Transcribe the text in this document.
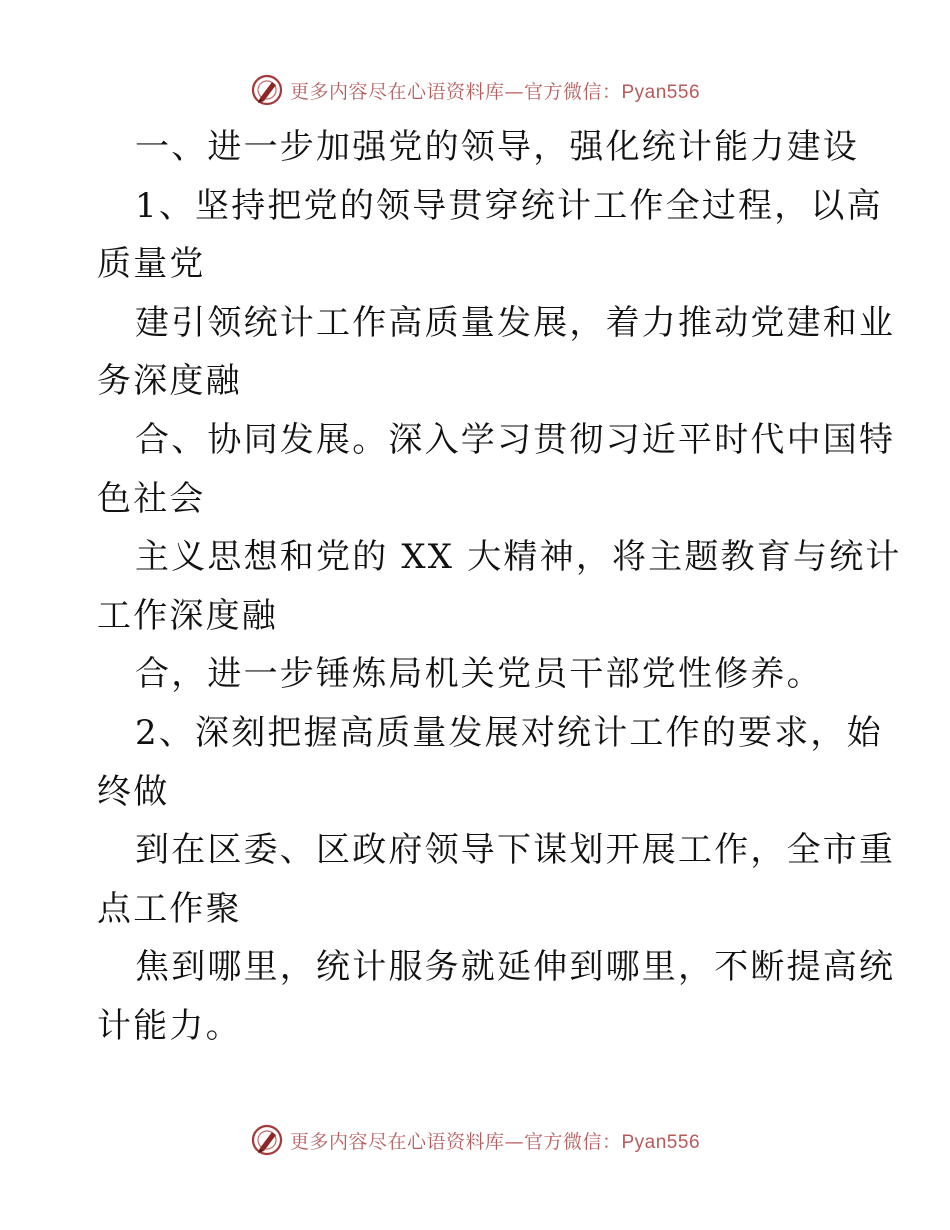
更多内容尽在心语资料库—官方微信：Pyan556
一、进一步加强党的领导，强化统计能力建设
1、坚持把党的领导贯穿统计工作全过程，以高
质量党
建引领统计工作高质量发展，着力推动党建和业
务深度融
合、协同发展。深入学习贯彻习近平时代中国特
色社会
主义思想和党的 XX 大精神，将主题教育与统计
工作深度融
合，进一步锤炼局机关党员干部党性修养。
2、深刻把握高质量发展对统计工作的要求，始
终做
到在区委、区政府领导下谋划开展工作，全市重
点工作聚
焦到哪里，统计服务就延伸到哪里，不断提高统
计能力。
更多内容尽在心语资料库—官方微信：Pyan556
